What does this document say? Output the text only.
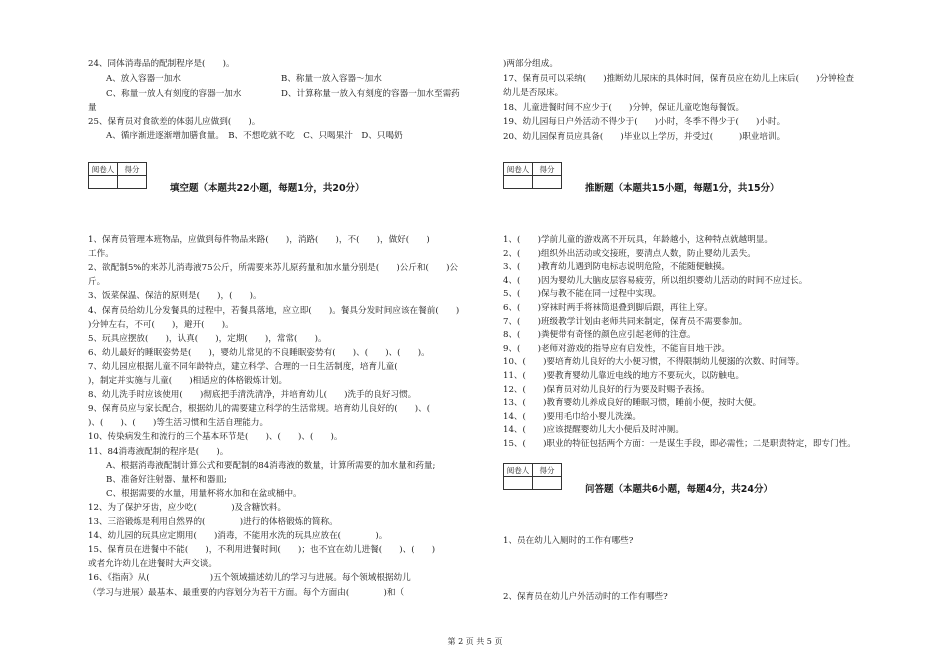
24、同体消毒品的配制程序是(　　)。
A、放入容器一加水	B、称量一放入容器～加水
C、称量一放人有刻度的容器一加水	D、计算称量一放入有刻度的容器一加水至需药
量
25、保育员对食欲差的体弱儿应做到(　　)。
A、循序渐进逐渐增加膳食量。　B、不想吃就不吃　C、只喝果汁　D、只喝奶
阅卷人	得分

填空题（本题共22小题，每题1分，共20分）
1、保育员管理本班物品，应做到每件物品来路(　　)，消路(　　)，不(　　)，做好(　　)
工作。
2、欲配制5%的来苏儿消毒液75公斤，所需要来苏儿原药量和加水量分别是(　　)公斤和(　　)公
斤。
3、饭菜保温、保洁的原则是(　　)，(　　)。
4、保育员给幼儿分发餐具的过程中，若餐具落地，应立即(　　)。餐具分发时间应该在餐前(　　)
)分钟左右，不可(　　)，避开(　　)。
5、玩具应摆放(　　)，认真(　　)，定期(　　)，常常(　　)。
6、幼儿最好的睡眠姿势是(　　)，婴幼儿常见的不良睡眠姿势有(　　)、(　　)、(　　)。
7、幼儿园应根据儿童不同年龄特点，建立科学、合理的一日生活制度，培育儿童(　　
)，制定并实施与儿童(　　)相适应的体格锻炼计划。
8、幼儿洗手时应该使用(　　)彻底把手清洗清净，并培育幼儿(　　)洗手的良好习惯。
9、保育员应与家长配合，根据幼儿的需要建立科学的生活常规。培育幼儿良好的(　　)、(
)、(　　)、(　　)等生活习惯和生活自理能力。
10、传染病发生和流行的三个基本环节是(　　)、(　　)、(　　)。
11、84消毒液配制的程序是(　　)。
A、根据消毒液配制计算公式和要配制的84消毒液的数量，计算所需要的加水量和药量;
B、准备好注射器、量杯和器皿;
C、根据需要的水量，用量杯将水加和在盆或桶中。
12、为了保护牙齿，应少吃(　　　　)及含糖饮料。
13、三浴锻炼是利用自然界的(　　　　)进行的体格锻炼的简称。
14、幼儿园的玩具应定期用(　　)消毒，不能用水洗的玩具应放在(　　　　)。
15、保育员在进餐中不能(　　)，不利用进餐时间(　　)；也不宜在幼儿进餐(　　)、(　　)
或者允许幼儿在进餐时大声交谈。
16、《指南》从(　　　　　　　)五个领域描述幼儿的学习与进展。每个领域根据幼儿
（学习与进展）最基本、最重要的内容划分为若干方面。每个方面由(　　　　)和（
)两部分组成。
17、保育员可以采纳(　　)推断幼儿尿床的具体时间，保育员应在幼儿上床后(　　)分钟检查
幼儿是否尿床。
18、儿童进餐时间不应少于(　　)分钟，保证儿童吃饱每餐饭。
19、幼儿园每日户外活动不得少于(　　)小时，冬季不得少于(　　)小时。
20、幼儿园保育员应具备(　　)毕业以上学历，并受过(　　　)职业培训。
阅卷人	得分

推断题（本题共15小题，每题1分，共15分）
1、(　　)学前儿童的游戏离不开玩具，年龄越小，这种特点就越明显。
2、(　　)组织外出活动或交接班，要清点人数，防止婴幼儿丢失。
3、(　　)教育幼儿遇到防电标志说明危险，不能随便触摸。
4、(　　)因为婴幼儿大脑皮层容易疲劳，所以组织婴幼儿活动的时间不应过长。
5、(　　)保与教不能在同一过程中实现。
6、(　　)穿袜时两手将袜筒退叠到脚后跟，再往上穿。
7、(　　)班级教学计划由老师共同来制定，保育员不需要参加。
8、(　　)粪便带有奇怪的颜色应引起老师的注意。
9、(　　)老师对游戏的指导应有启发性，不能盲目地干涉。
10、(　　)要培育幼儿良好的大小便习惯，不得限制幼儿便溺的次数、时间等。
11、(　　)要教育婴幼儿靠近电线的地方不要玩火，以防触电。
12、(　　)保育员对幼儿良好的行为要及时赐予表扬。
13、(　　)教育婴幼儿养成良好的睡眠习惯，睡前小便，按时大便。
14、(　　)要用毛巾给小婴儿洗澡。
14、(　　)应该提醒婴幼儿大小便后及时冲厕。
15、(　　)职业的特征包括两个方面：一是谋生手段，即必需性；二是职责特定，即专门性。
阅卷人	得分

问答题（本题共6小题，每题4分，共24分）
1、员在幼儿入厕时的工作有哪些?
2、保育员在幼儿户外活动时的工作有哪些?
第 2 页 共 5 页
